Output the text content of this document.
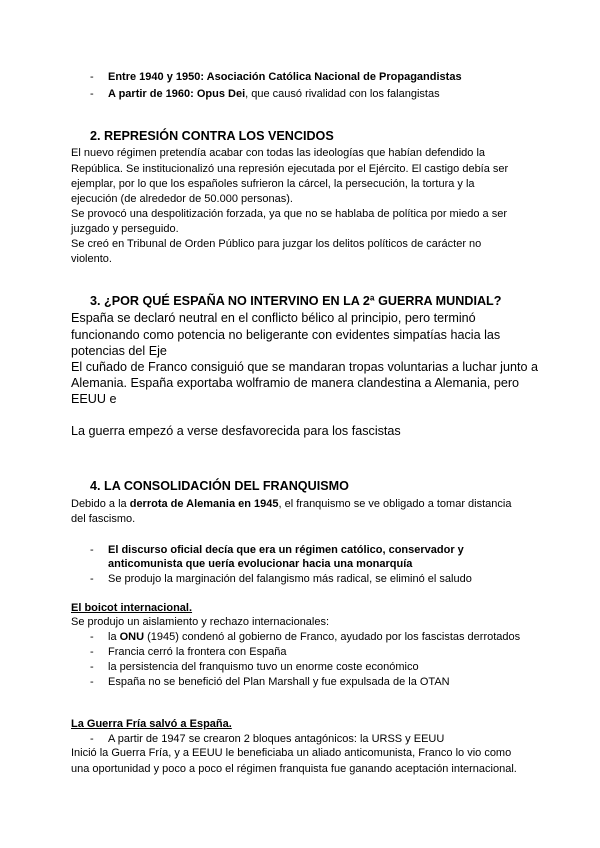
- Entre 1940 y 1950: Asociación Católica Nacional de Propagandistas
- A partir de 1960: Opus Dei, que causó rivalidad con los falangistas
2. REPRESIÓN CONTRA LOS VENCIDOS
El nuevo régimen pretendía acabar con todas las ideologías que habían defendido la
República. Se institucionalizó una represión ejecutada por el Ejército. El castigo debía ser
ejemplar, por lo que los españoles sufrieron la cárcel, la persecución, la tortura y la
ejecución (de alrededor de 50.000 personas).
Se provocó una despolitización forzada, ya que no se hablaba de política por miedo a ser
juzgado y perseguido.
Se creó en Tribunal de Orden Público para juzgar los delitos políticos de carácter no
violento.
3. ¿POR QUÉ ESPAÑA NO INTERVINO EN LA 2ª GUERRA MUNDIAL?
España se declaró neutral en el conflicto bélico al principio, pero terminó
funcionando como potencia no beligerante con evidentes simpatías hacia las
potencias del Eje
El cuñado de Franco consiguió que se mandaran tropas voluntarias a luchar junto a
Alemania. España exportaba wolframio de manera clandestina a Alemania, pero
EEUU e
La guerra empezó a verse desfavorecida para los fascistas
4. LA CONSOLIDACIÓN DEL FRANQUISMO
Debido a la derrota de Alemania en 1945, el franquismo se ve obligado a tomar distancia
del fascismo.
- El discurso oficial decía que era un régimen católico, conservador y
anticomunista que uería evolucionar hacia una monarquía
- Se produjo la marginación del falangismo más radical, se eliminó el saludo
El boicot internacional.
Se produjo un aislamiento y rechazo internacionales:
- la ONU (1945) condenó al gobierno de Franco, ayudado por los fascistas derrotados
- Francia cerró la frontera con España
- la persistencia del franquismo tuvo un enorme coste económico
- España no se benefició del Plan Marshall y fue expulsada de la OTAN
La Guerra Fría salvó a España.
- A partir de 1947 se crearon 2 bloques antagónicos: la URSS y EEUU
Inició la Guerra Fría, y a EEUU le beneficiaba un aliado anticomunista, Franco lo vio como
una oportunidad y poco a poco el régimen franquista fue ganando aceptación internacional.
